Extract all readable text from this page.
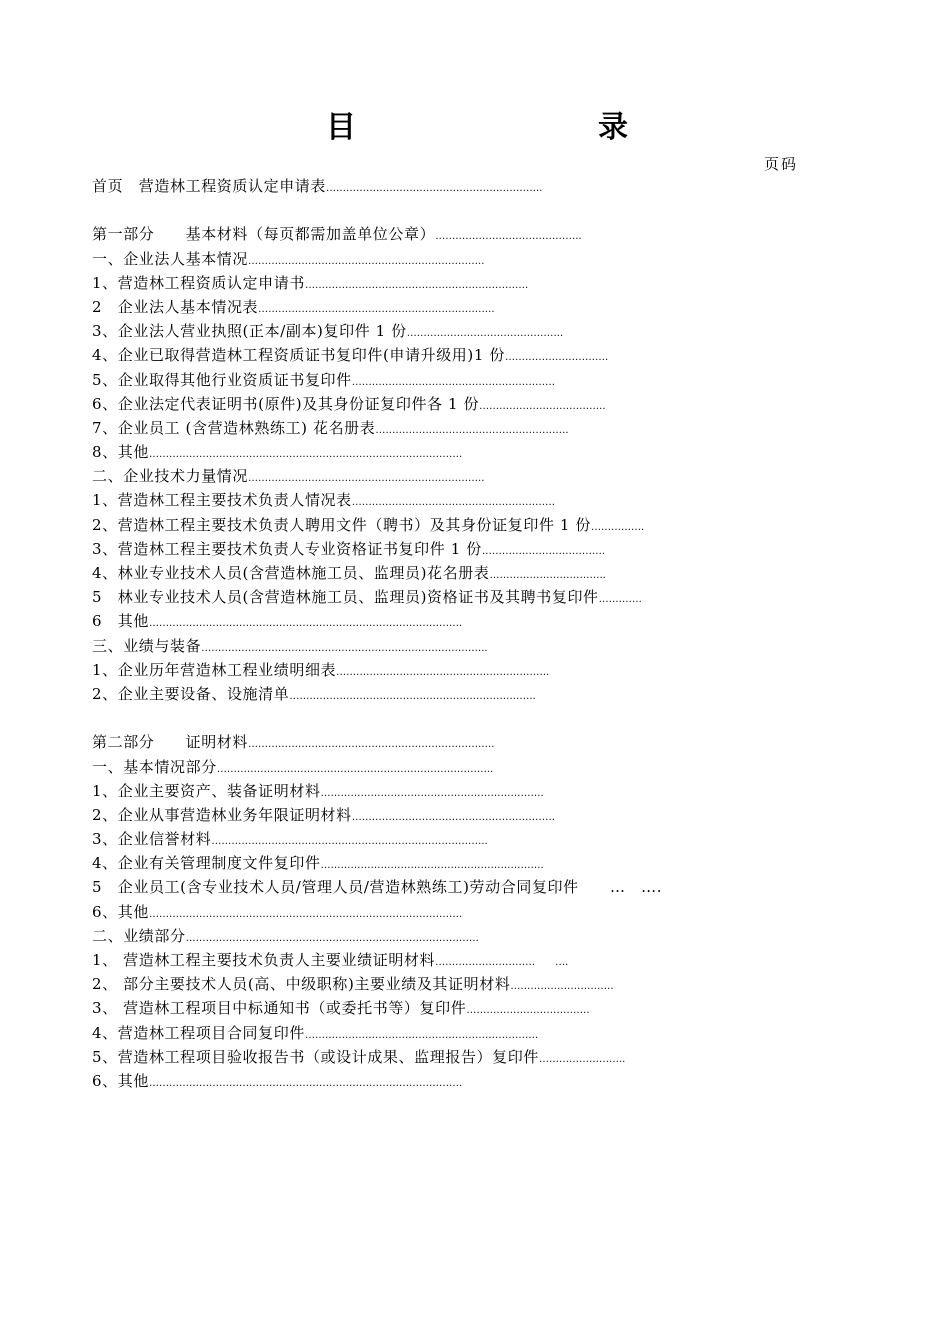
目	录
页码
首页　营造林工程资质认定申请表………………………………………………………..
第一部分　　基本材料（每页都需加盖单位公章）……………………………………..
一、企业法人基本情况……………………………………………………………..
1、营造林工程资质认定申请书………………………………………………………….
2　企业法人基本情况表……………………………………………………………..
3、企业法人营业执照(正本/副本)复印件 1 份………………………………………..
4、企业已取得营造林工程资质证书复印件(申请升级用)1 份………………………….
5、企业取得其他行业资质证书复印件…………………………………………………….
6、企业法定代表证明书(原件)及其身份证复印件各 1 份………………………………..
7、企业员工 (含营造林熟练工) 花名册表………………………………………………….
8、其他………………………………………………………………………………….
二、企业技术力量情况……………………………………………………………..
1、营造林工程主要技术负责人情况表…………………………………………………….
2、营造林工程主要技术负责人聘用文件（聘书）及其身份证复印件 1 份…………….
3、营造林工程主要技术负责人专业资格证书复印件 1 份……………………………….
4、林业专业技术人员(含营造林施工员、监理员)花名册表……………………………..
5　林业专业技术人员(含营造林施工员、监理员)资格证书及其聘书复印件………….
6　其他………………………………………………………………………………….
三、业绩与装备…………………………………………………………………………..
1、企业历年营造林工程业绩明细表……………………………………………………….
2、企业主要设备、设施清单………………………………………………………………..
第二部分　　证明材料………………………………………………………………..
一、基本情况部分………………………………………………………………………..
1、企业主要资产、装备证明材料………………………………………………………….
2、企业从事营造林业务年限证明材料…………………………………………………….
3、企业信誉材料………………………………………………………………………..
4、企业有关管理制度文件复印件………………………………………………………….
5　企业员工(含专业技术人员/管理人员/营造林熟练工)劳动合同复印件　　…　….
6、其他………………………………………………………………………………….
二、业绩部分…………………………………………………………………………….
1、 营造林工程主要技术负责人主要业绩证明材料…………………………　　….
2、 部分主要技术人员(高、中级职称)主要业绩及其证明材料………………………….
3、 营造林工程项目中标通知书（或委托书等）复印件……………………………….
4、营造林工程项目合同复印件…………………………………………………………….
5、营造林工程项目验收报告书（或设计成果、监理报告）复印件……………………..
6、其他………………………………………………………………………………….
